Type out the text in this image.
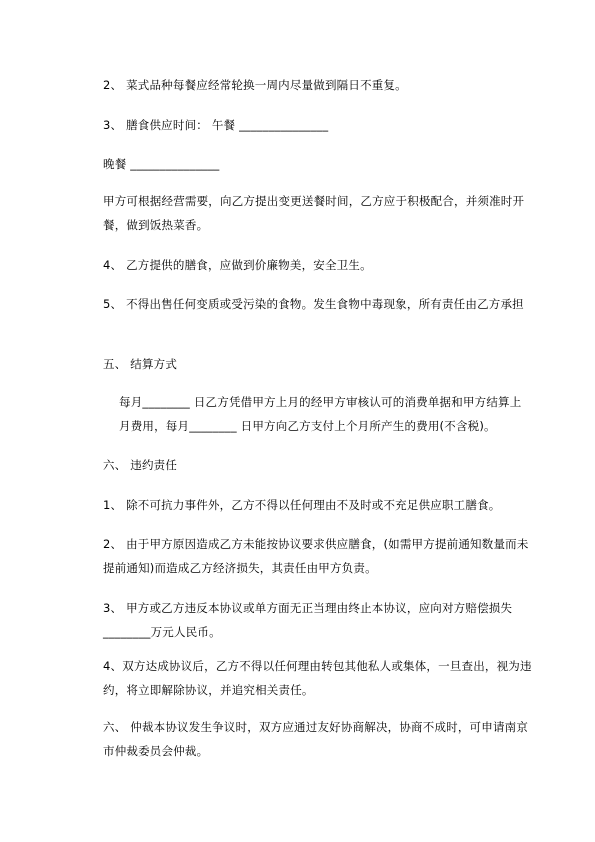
2、 菜式品种每餐应经常轮换一周内尽量做到隔日不重复。
3、 膳食供应时间： 午餐 _______________
晚餐 _______________
甲方可根据经营需要，向乙方提出变更送餐时间，乙方应于积极配合，并须准时开餐，做到饭热菜香。
4、 乙方提供的膳食，应做到价廉物美，安全卫生。
5、 不得出售任何变质或受污染的食物。发生食物中毒现象，所有责任由乙方承担
五、 结算方式
每月________ 日乙方凭借甲方上月的经甲方审核认可的消费单据和甲方结算上月费用，每月________ 日甲方向乙方支付上个月所产生的费用(不含税)。
六、 违约责任
1、 除不可抗力事件外，乙方不得以任何理由不及时或不充足供应职工膳食。
2、 由于甲方原因造成乙方未能按协议要求供应膳食，(如需甲方提前通知数量而未提前通知)而造成乙方经济损失，其责任由甲方负责。
3、 甲方或乙方违反本协议或单方面无正当理由终止本协议，应向对方赔偿损失________万元人民币。
4、双方达成协议后，乙方不得以任何理由转包其他私人或集体，一旦查出，视为违约，将立即解除协议，并追究相关责任。
六、 仲裁本协议发生争议时，双方应通过友好协商解决，协商不成时，可申请南京市仲裁委员会仲裁。
